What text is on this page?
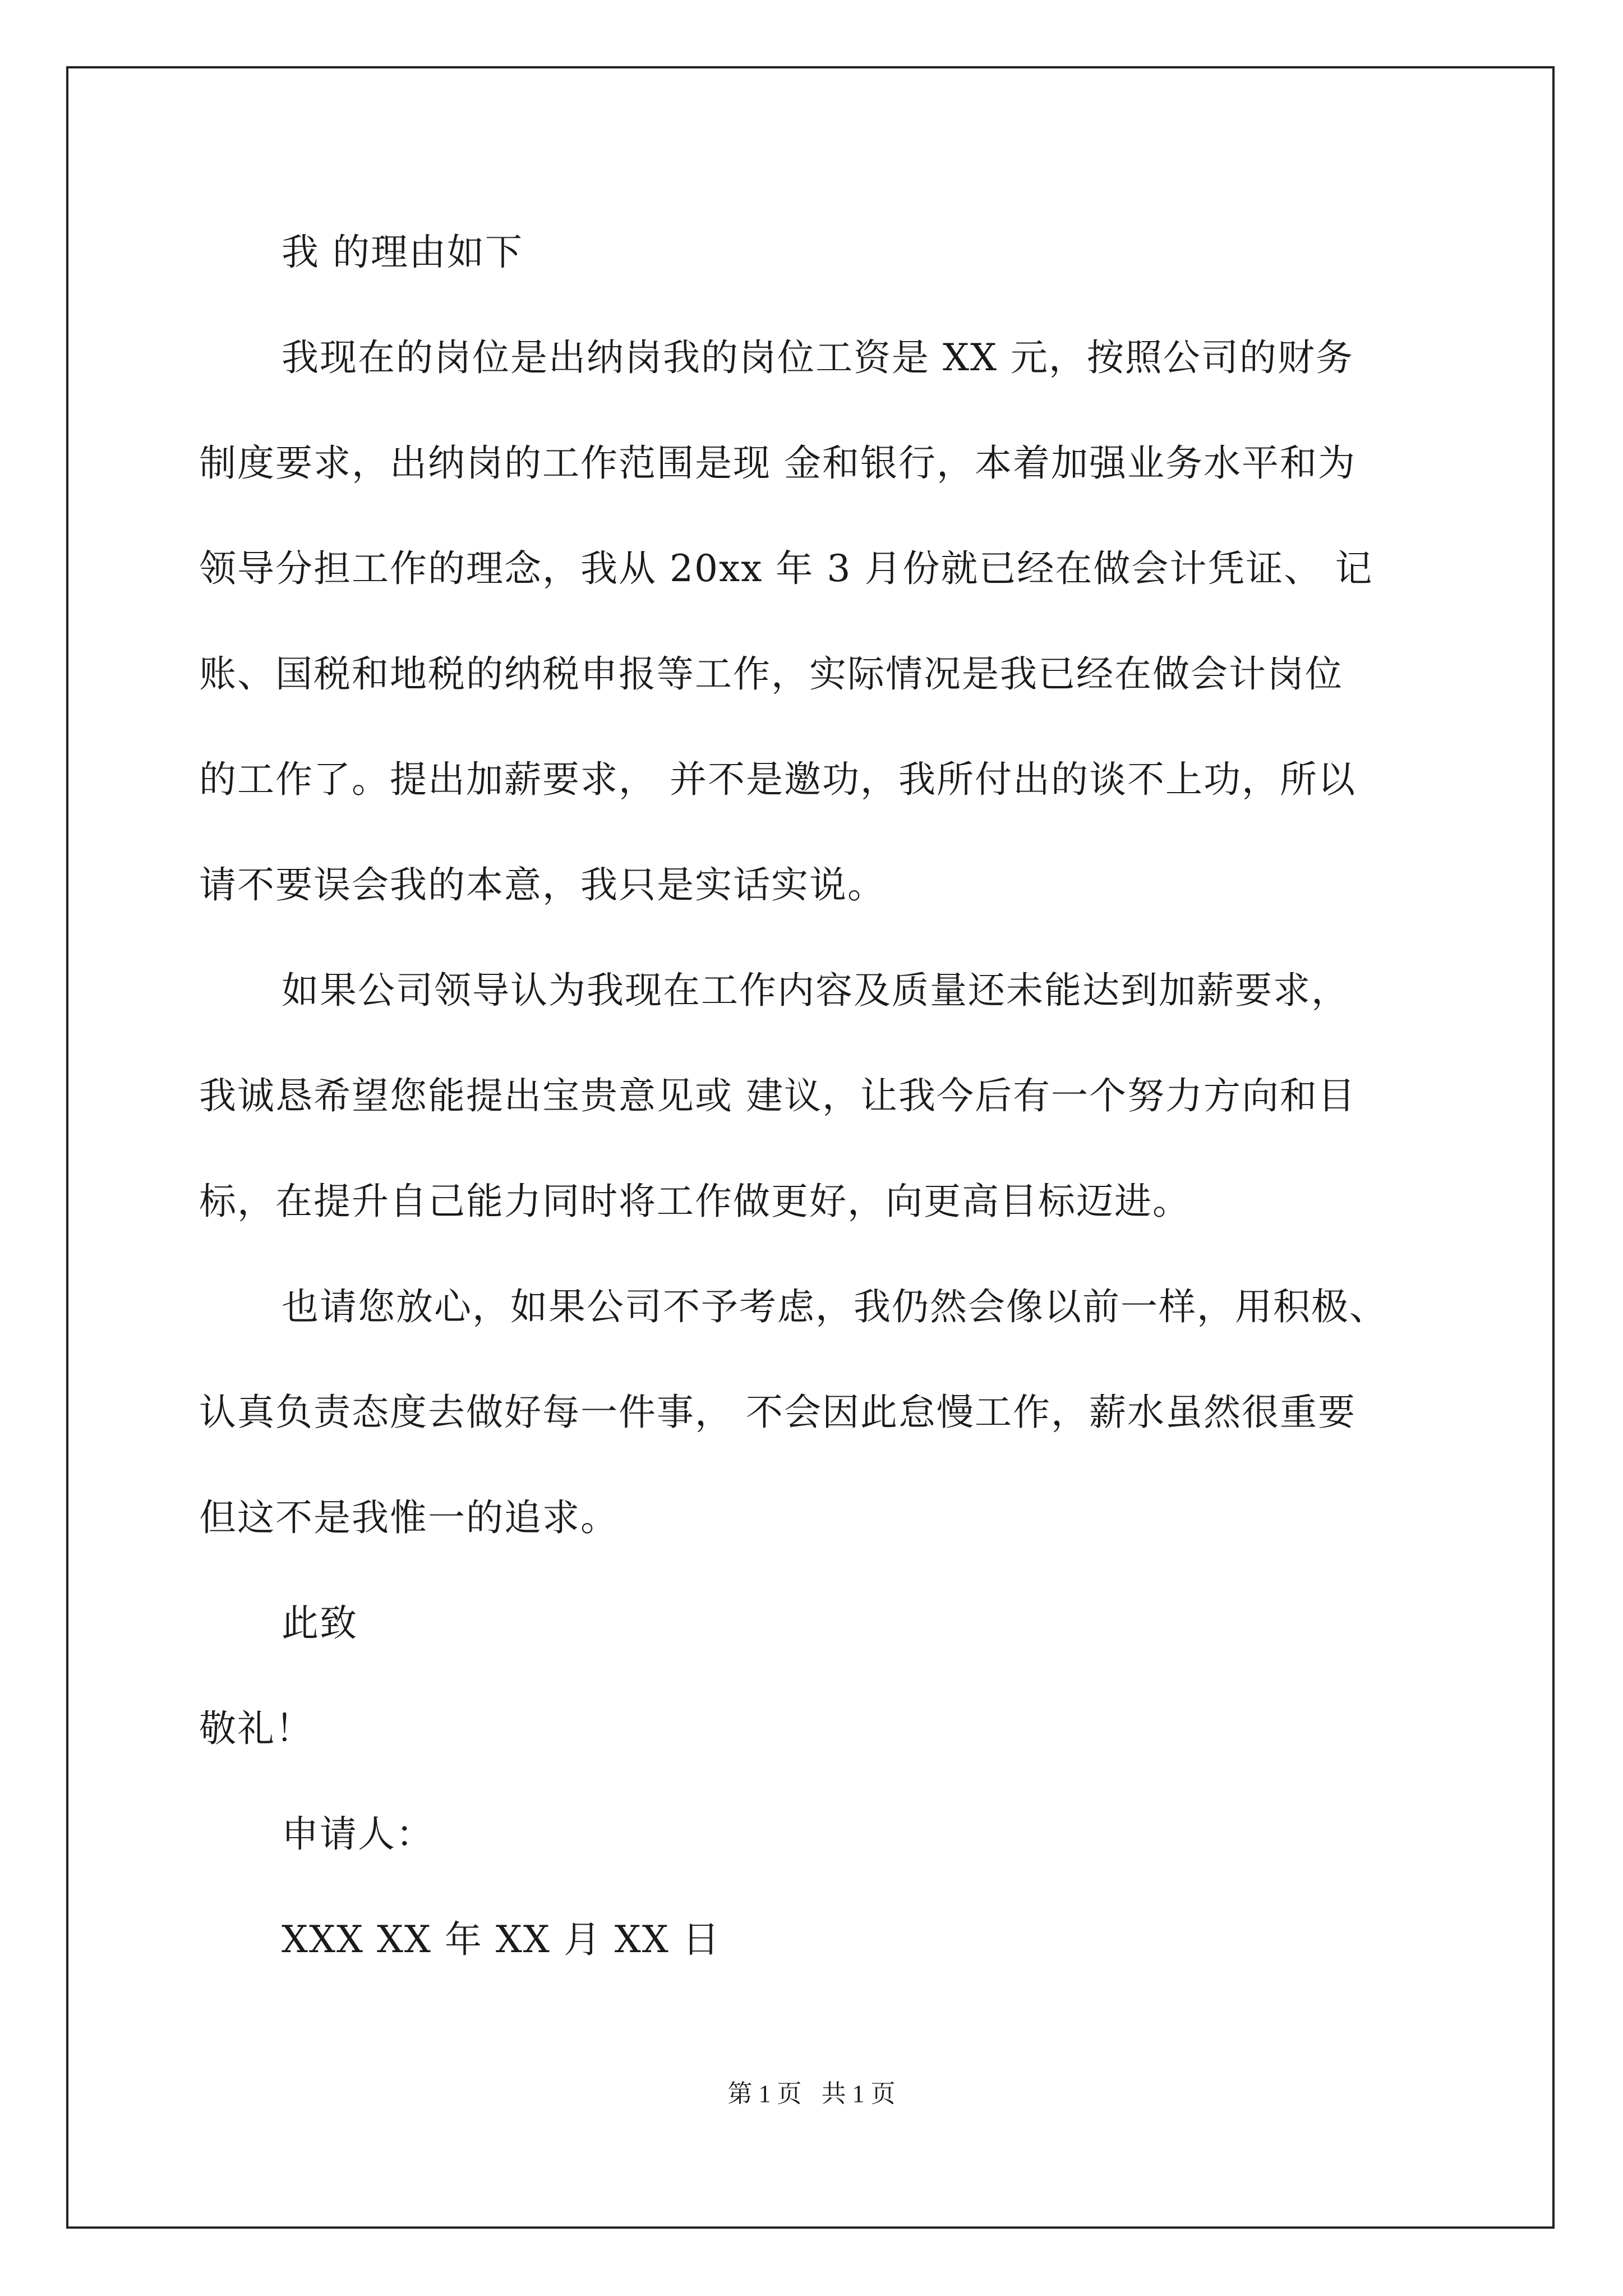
我 的理由如下
我现在的岗位是出纳岗我的岗位工资是 XX 元，按照公司的财务
制度要求，出纳岗的工作范围是现 金和银行，本着加强业务水平和为
领导分担工作的理念，我从 20xx 年 3 月份就已经在做会计凭证、 记
账、国税和地税的纳税申报等工作，实际情况是我已经在做会计岗位
的工作了。提出加薪要求， 并不是邀功，我所付出的谈不上功，所以
请不要误会我的本意，我只是实话实说。
如果公司领导认为我现在工作内容及质量还未能达到加薪要求，
我诚恳希望您能提出宝贵意见或 建议，让我今后有一个努力方向和目
标，在提升自己能力同时将工作做更好，向更高目标迈进。
也请您放心，如果公司不予考虑，我仍然会像以前一样，用积极、
认真负责态度去做好每一件事， 不会因此怠慢工作，薪水虽然很重要
但这不是我惟一的追求。
此致
敬礼！
申请人：
XXX XX 年 XX 月 XX 日
第 1 页 共 1 页
